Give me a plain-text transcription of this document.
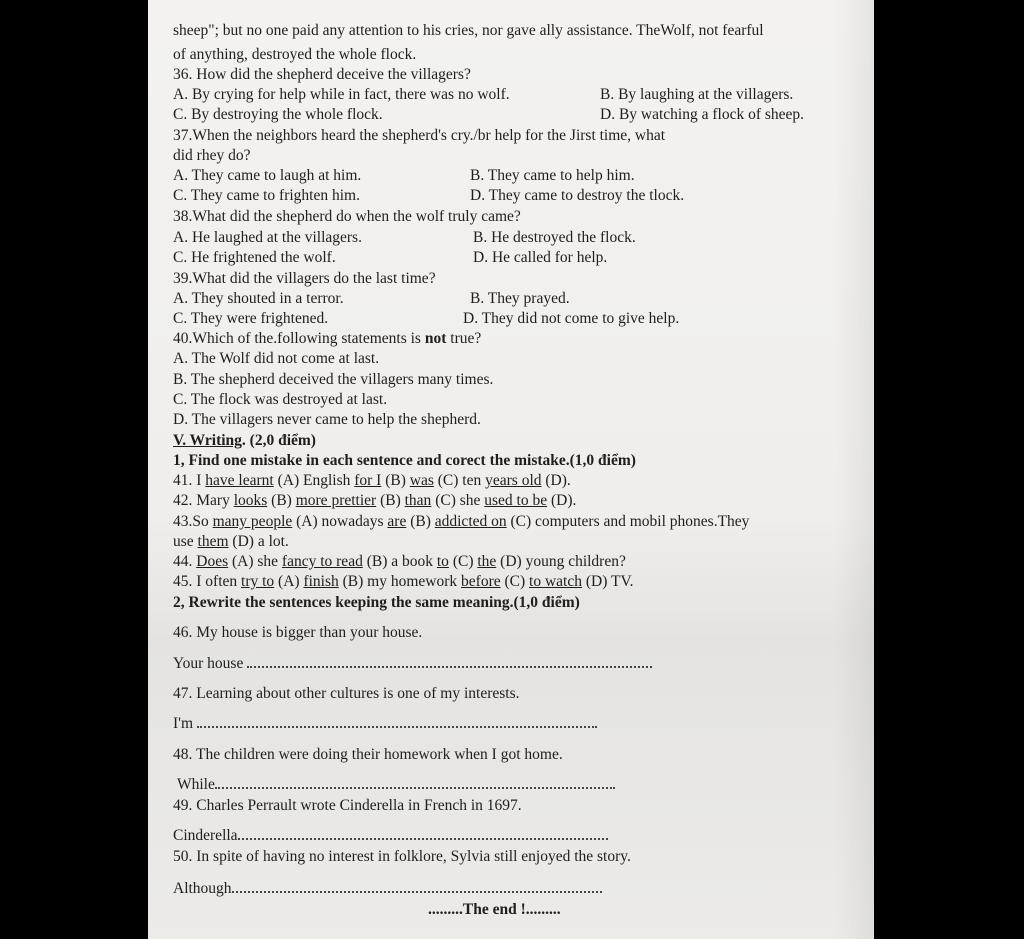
sheep"; but no one paid any attention to his cries, nor gave ally assistance. TheWolf, not fearful
of anything, destroyed the whole flock.
36. How did the shepherd deceive the villagers?
A. By crying for help while in fact, there was no wolf.	B. By laughing at the villagers.
C. By destroying the whole flock.	D. By watching a flock of sheep.
37.When the neighbors heard the shepherd's cry./br help for the Jirst time, what
did rhey do?
A. They came to laugh at him.	B. They came to help him.
C. They came to frighten him.	D. They came to destroy the tlock.
38.What did the shepherd do when the wolf truly came?
A. He laughed at the villagers.	B. He destroyed the flock.
C. He frightened the wolf.	D. He called for help.
39.What did the villagers do the last time?
A. They shouted in a terror.	B. They prayed.
C. They were frightened.	D. They did not come to give help.
40.Which of the.following statements is not true?
A. The Wolf did not come at last.
B. The shepherd deceived the villagers many times.
C. The flock was destroyed at last.
D. The villagers never came to help the shepherd.
V. Writing. (2,0 điểm)
1, Find one mistake in each sentence and corect the mistake.(1,0 điểm)
41. I have learnt (A) English for I (B) was (C) ten years old (D).
42. Mary looks (B) more prettier (B) than (C) she used to be (D).
43.So many people (A) nowadays are (B) addicted on (C) computers and mobil phones.They
use them (D) a lot.
44. Does (A) she fancy to read (B) a book to (C) the (D) young children?
45. I often try to (A) finish (B) my homework before (C) to watch (D) TV.
2, Rewrite the sentences keeping the same meaning.(1,0 điểm)
46. My house is bigger than your house.
Your house
47. Learning about other cultures is one of my interests.
I'm
48. The children were doing their homework when I got home.
While
49. Charles Perrault wrote Cinderella in French in 1697.
Cinderella
50. In spite of having no interest in folklore, Sylvia still enjoyed the story.
Although
.........The end !.........
